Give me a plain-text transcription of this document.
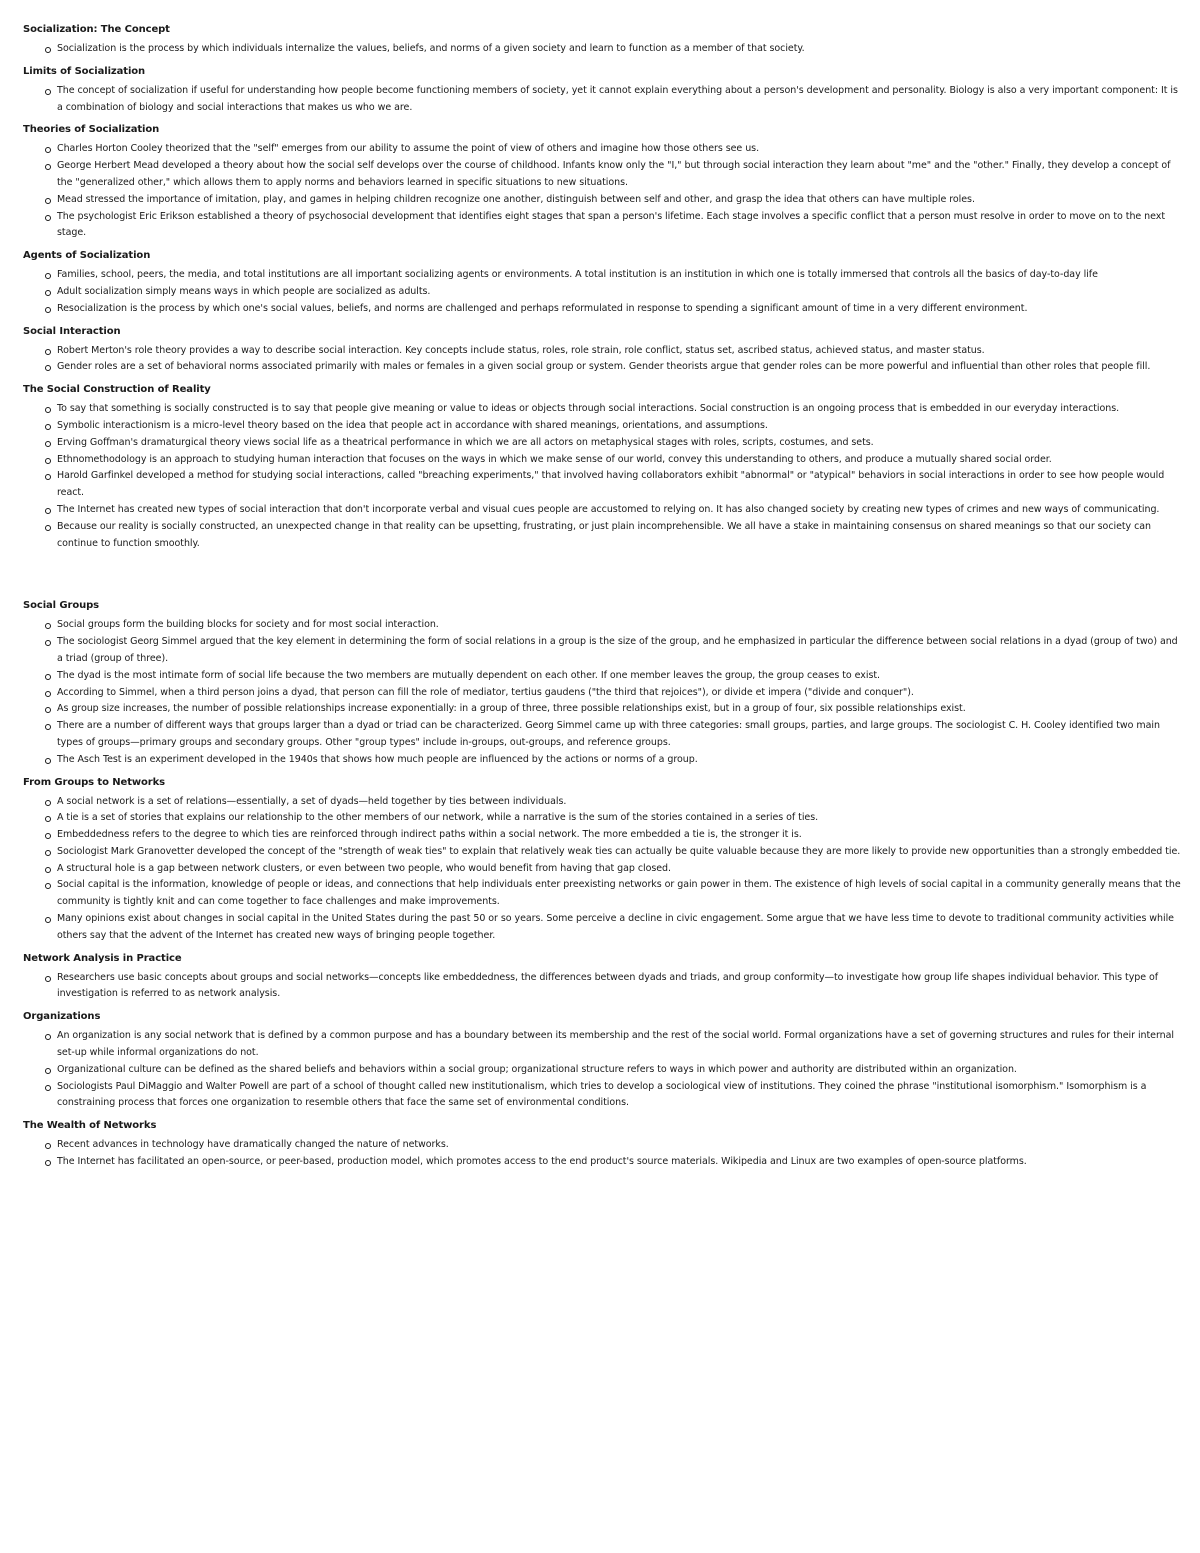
Socialization: The Concept
Socialization is the process by which individuals internalize the values, beliefs, and norms of a given society and learn to function as a member of that society.
Limits of Socialization
The concept of socialization if useful for understanding how people become functioning members of society, yet it cannot explain everything about a person's development and personality. Biology is also a very important component: It is a combination of biology and social interactions that makes us who we are.
Theories of Socialization
Charles Horton Cooley theorized that the "self" emerges from our ability to assume the point of view of others and imagine how those others see us.
George Herbert Mead developed a theory about how the social self develops over the course of childhood. Infants know only the "I," but through social interaction they learn about "me" and the "other." Finally, they develop a concept of the "generalized other," which allows them to apply norms and behaviors learned in specific situations to new situations.
Mead stressed the importance of imitation, play, and games in helping children recognize one another, distinguish between self and other, and grasp the idea that others can have multiple roles.
The psychologist Eric Erikson established a theory of psychosocial development that identifies eight stages that span a person's lifetime. Each stage involves a specific conflict that a person must resolve in order to move on to the next stage.
Agents of Socialization
Families, school, peers, the media, and total institutions are all important socializing agents or environments. A total institution is an institution in which one is totally immersed that controls all the basics of day-to-day life
Adult socialization simply means ways in which people are socialized as adults.
Resocialization is the process by which one's social values, beliefs, and norms are challenged and perhaps reformulated in response to spending a significant amount of time in a very different environment.
Social Interaction
Robert Merton's role theory provides a way to describe social interaction. Key concepts include status, roles, role strain, role conflict, status set, ascribed status, achieved status, and master status.
Gender roles are a set of behavioral norms associated primarily with males or females in a given social group or system. Gender theorists argue that gender roles can be more powerful and influential than other roles that people fill.
The Social Construction of Reality
To say that something is socially constructed is to say that people give meaning or value to ideas or objects through social interactions. Social construction is an ongoing process that is embedded in our everyday interactions.
Symbolic interactionism is a micro-level theory based on the idea that people act in accordance with shared meanings, orientations, and assumptions.
Erving Goffman's dramaturgical theory views social life as a theatrical performance in which we are all actors on metaphysical stages with roles, scripts, costumes, and sets.
Ethnomethodology is an approach to studying human interaction that focuses on the ways in which we make sense of our world, convey this understanding to others, and produce a mutually shared social order.
Harold Garfinkel developed a method for studying social interactions, called "breaching experiments," that involved having collaborators exhibit "abnormal" or "atypical" behaviors in social interactions in order to see how people would react.
The Internet has created new types of social interaction that don't incorporate verbal and visual cues people are accustomed to relying on. It has also changed society by creating new types of crimes and new ways of communicating.
Because our reality is socially constructed, an unexpected change in that reality can be upsetting, frustrating, or just plain incomprehensible. We all have a stake in maintaining consensus on shared meanings so that our society can continue to function smoothly.
Social Groups
Social groups form the building blocks for society and for most social interaction.
The sociologist Georg Simmel argued that the key element in determining the form of social relations in a group is the size of the group, and he emphasized in particular the difference between social relations in a dyad (group of two) and a triad (group of three).
The dyad is the most intimate form of social life because the two members are mutually dependent on each other. If one member leaves the group, the group ceases to exist.
According to Simmel, when a third person joins a dyad, that person can fill the role of mediator, tertius gaudens ("the third that rejoices"), or divide et impera ("divide and conquer").
As group size increases, the number of possible relationships increase exponentially: in a group of three, three possible relationships exist, but in a group of four, six possible relationships exist.
There are a number of different ways that groups larger than a dyad or triad can be characterized. Georg Simmel came up with three categories: small groups, parties, and large groups. The sociologist C. H. Cooley identified two main types of groups—primary groups and secondary groups. Other "group types" include in-groups, out-groups, and reference groups.
The Asch Test is an experiment developed in the 1940s that shows how much people are influenced by the actions or norms of a group.
From Groups to Networks
A social network is a set of relations—essentially, a set of dyads—held together by ties between individuals.
A tie is a set of stories that explains our relationship to the other members of our network, while a narrative is the sum of the stories contained in a series of ties.
Embeddedness refers to the degree to which ties are reinforced through indirect paths within a social network. The more embedded a tie is, the stronger it is.
Sociologist Mark Granovetter developed the concept of the "strength of weak ties" to explain that relatively weak ties can actually be quite valuable because they are more likely to provide new opportunities than a strongly embedded tie.
A structural hole is a gap between network clusters, or even between two people, who would benefit from having that gap closed.
Social capital is the information, knowledge of people or ideas, and connections that help individuals enter preexisting networks or gain power in them. The existence of high levels of social capital in a community generally means that the community is tightly knit and can come together to face challenges and make improvements.
Many opinions exist about changes in social capital in the United States during the past 50 or so years. Some perceive a decline in civic engagement. Some argue that we have less time to devote to traditional community activities while others say that the advent of the Internet has created new ways of bringing people together.
Network Analysis in Practice
Researchers use basic concepts about groups and social networks—concepts like embeddedness, the differences between dyads and triads, and group conformity—to investigate how group life shapes individual behavior. This type of investigation is referred to as network analysis.
Organizations
An organization is any social network that is defined by a common purpose and has a boundary between its membership and the rest of the social world. Formal organizations have a set of governing structures and rules for their internal set-up while informal organizations do not.
Organizational culture can be defined as the shared beliefs and behaviors within a social group; organizational structure refers to ways in which power and authority are distributed within an organization.
Sociologists Paul DiMaggio and Walter Powell are part of a school of thought called new institutionalism, which tries to develop a sociological view of institutions. They coined the phrase "institutional isomorphism." Isomorphism is a constraining process that forces one organization to resemble others that face the same set of environmental conditions.
The Wealth of Networks
Recent advances in technology have dramatically changed the nature of networks.
The Internet has facilitated an open-source, or peer-based, production model, which promotes access to the end product's source materials. Wikipedia and Linux are two examples of open-source platforms.
